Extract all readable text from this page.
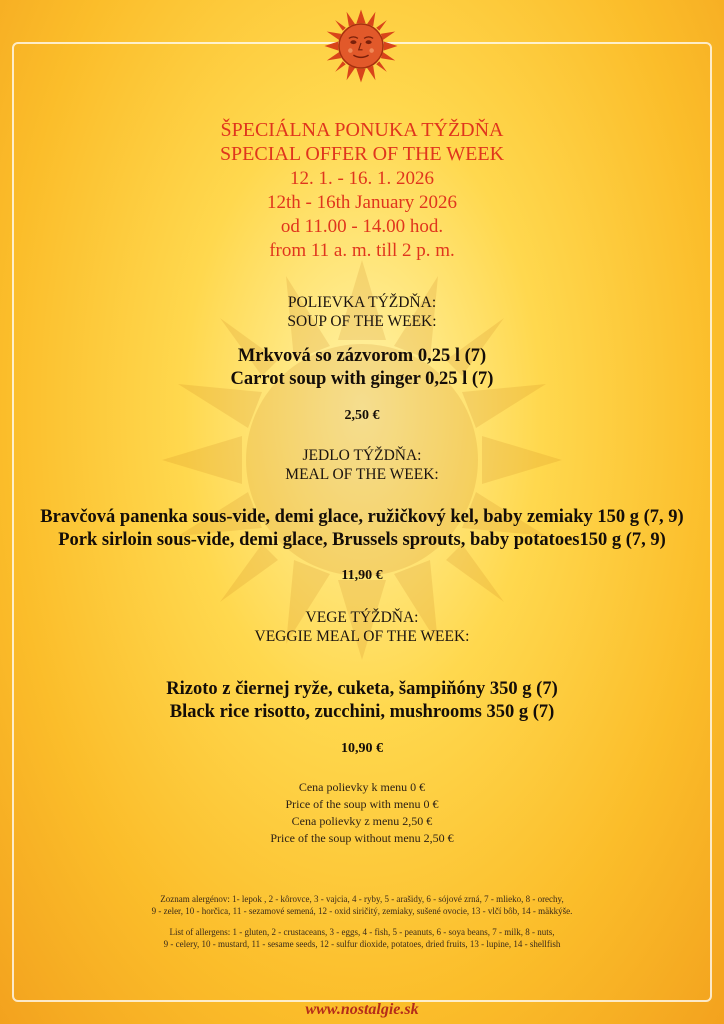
ŠPECIÁLNA PONUKA TÝŽDŇA
SPECIAL OFFER OF THE WEEK
12. 1. - 16. 1. 2026
12th - 16th January 2026
od 11.00 - 14.00 hod.
from 11 a. m. till 2 p. m.
POLIEVKA TÝŽDŇA:
SOUP OF THE WEEK:
Mrkvová so zázvorom 0,25 l (7)
Carrot soup with ginger 0,25 l (7)
2,50 €
JEDLO TÝŽDŇA:
MEAL OF THE WEEK:
Bravčová panenka sous-vide, demi glace, ružičkový kel, baby zemiaky 150 g (7, 9)
Pork sirloin sous-vide, demi glace, Brussels sprouts, baby potatoes150 g (7, 9)
11,90 €
VEGE TÝŽDŇA:
VEGGIE MEAL OF THE WEEK:
Rizoto z čiernej ryže, cuketa, šampiňóny 350 g (7)
Black rice risotto, zucchini, mushrooms 350 g (7)
10,90 €
Cena polievky k menu 0 €
Price of the soup with menu 0 €
Cena polievky z menu 2,50 €
Price of the soup without menu 2,50 €
Zoznam alergénov: 1- lepok , 2 - kôrovce, 3 - vajcia, 4 - ryby, 5 - arašidy, 6 - sójové zrná, 7 - mlieko, 8 - orechy,
9 - zeler, 10 - horčica, 11 - sezamové semená, 12 - oxid siričitý, zemiaky, sušené ovocie, 13 - vlčí bôb, 14 - mäkkýše.
List of allergens: 1 - gluten, 2 - crustaceans, 3 - eggs, 4 - fish, 5 - peanuts, 6 - soya beans, 7 - milk, 8 - nuts,
9 - celery, 10 - mustard, 11 - sesame seeds, 12 - sulfur dioxide, potatoes, dried fruits, 13 - lupine, 14 - shellfish
www.nostalgie.sk
